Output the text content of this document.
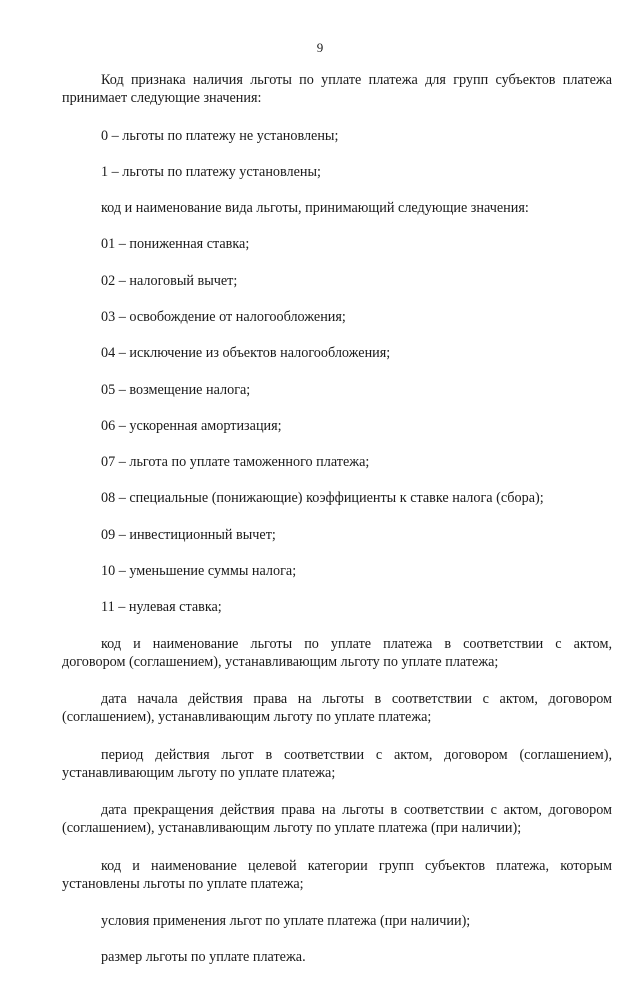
9
Код признака наличия льготы по уплате платежа для групп субъектов платежа
принимает следующие значения:

0 – льготы по платежу не установлены;

1 – льготы по платежу установлены;

код и наименование вида льготы, принимающий следующие значения:

01 – пониженная ставка;

02 – налоговый вычет;

03 – освобождение от налогообложения;

04 – исключение из объектов налогообложения;

05 – возмещение налога;

06 – ускоренная амортизация;

07 – льгота по уплате таможенного платежа;

08 – специальные (понижающие) коэффициенты к ставке налога (сбора);

09 – инвестиционный вычет;

10 – уменьшение суммы налога;

11 – нулевая ставка;

код и наименование льготы по уплате платежа в соответствии с актом,
договором (соглашением), устанавливающим льготу по уплате платежа;
дата начала действия права на льготы в соответствии с актом, договором
(соглашением), устанавливающим льготу по уплате платежа;
период действия льгот в соответствии с актом, договором (соглашением),
устанавливающим льготу по уплате платежа;
дата прекращения действия права на льготы в соответствии с актом, договором
(соглашением), устанавливающим льготу по уплате платежа (при наличии);
код и наименование целевой категории групп субъектов платежа, которым
установлены льготы по уплате платежа;

условия применения льгот по уплате платежа (при наличии);

размер льготы по уплате платежа.
